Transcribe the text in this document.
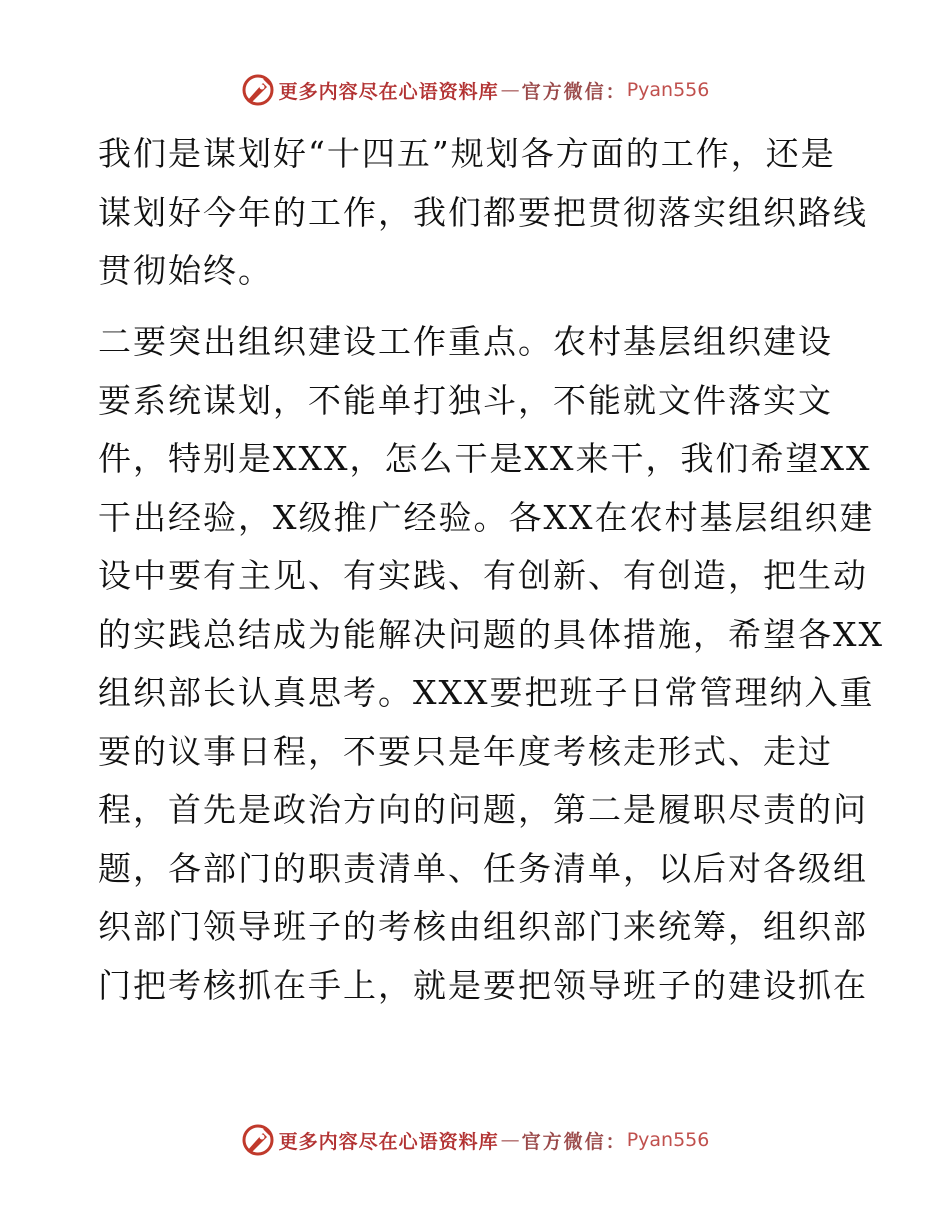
更多内容尽在心语资料库 — 官方微信： Pyan556
我们是谋划好“十四五”规划各方面的工作，还是
谋划好今年的工作，我们都要把贯彻落实组织路线
贯彻始终。
二要突出组织建设工作重点。农村基层组织建设
要系统谋划，不能单打独斗，不能就文件落实文
件，特别是XXX，怎么干是XX来干，我们希望XX
干出经验，X级推广经验。各XX在农村基层组织建
设中要有主见、有实践、有创新、有创造，把生动
的实践总结成为能解决问题的具体措施，希望各XX
组织部长认真思考。XXX要把班子日常管理纳入重
要的议事日程，不要只是年度考核走形式、走过
程，首先是政治方向的问题，第二是履职尽责的问
题，各部门的职责清单、任务清单，以后对各级组
织部门领导班子的考核由组织部门来统筹，组织部
门把考核抓在手上，就是要把领导班子的建设抓在
更多内容尽在心语资料库 — 官方微信： Pyan556
